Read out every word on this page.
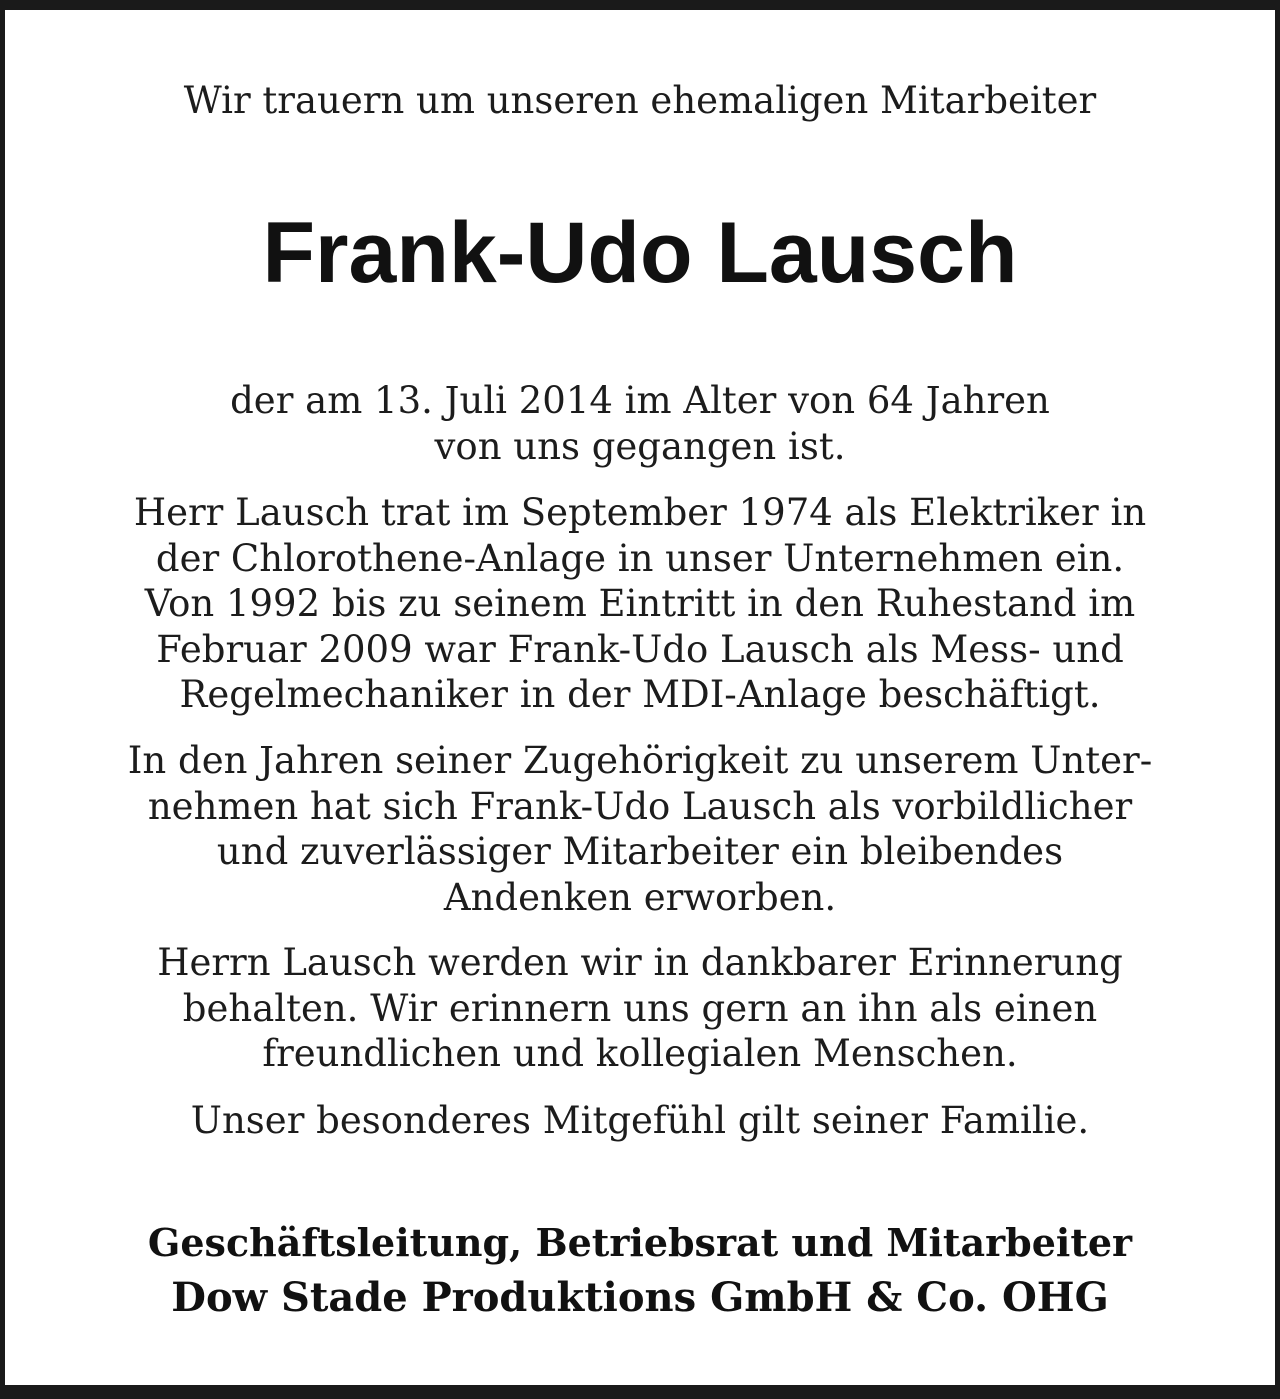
Wir trauern um unseren ehemaligen Mitarbeiter

Frank-Udo Lausch

der am 13. Juli 2014 im Alter von 64 Jahren
von uns gegangen ist.

Herr Lausch trat im September 1974 als Elektriker in
der Chlorothene-Anlage in unser Unternehmen ein.
Von 1992 bis zu seinem Eintritt in den Ruhestand im
Februar 2009 war Frank-Udo Lausch als Mess- und
Regelmechaniker in der MDI-Anlage beschäftigt.

In den Jahren seiner Zugehörigkeit zu unserem Unter-
nehmen hat sich Frank-Udo Lausch als vorbildlicher
und zuverlässiger Mitarbeiter ein bleibendes
Andenken erworben.

Herrn Lausch werden wir in dankbarer Erinnerung
behalten. Wir erinnern uns gern an ihn als einen
freundlichen und kollegialen Menschen.

Unser besonderes Mitgefühl gilt seiner Familie.

Geschäftsleitung, Betriebsrat und Mitarbeiter

Dow Stade Produktions GmbH & Co. OHG
